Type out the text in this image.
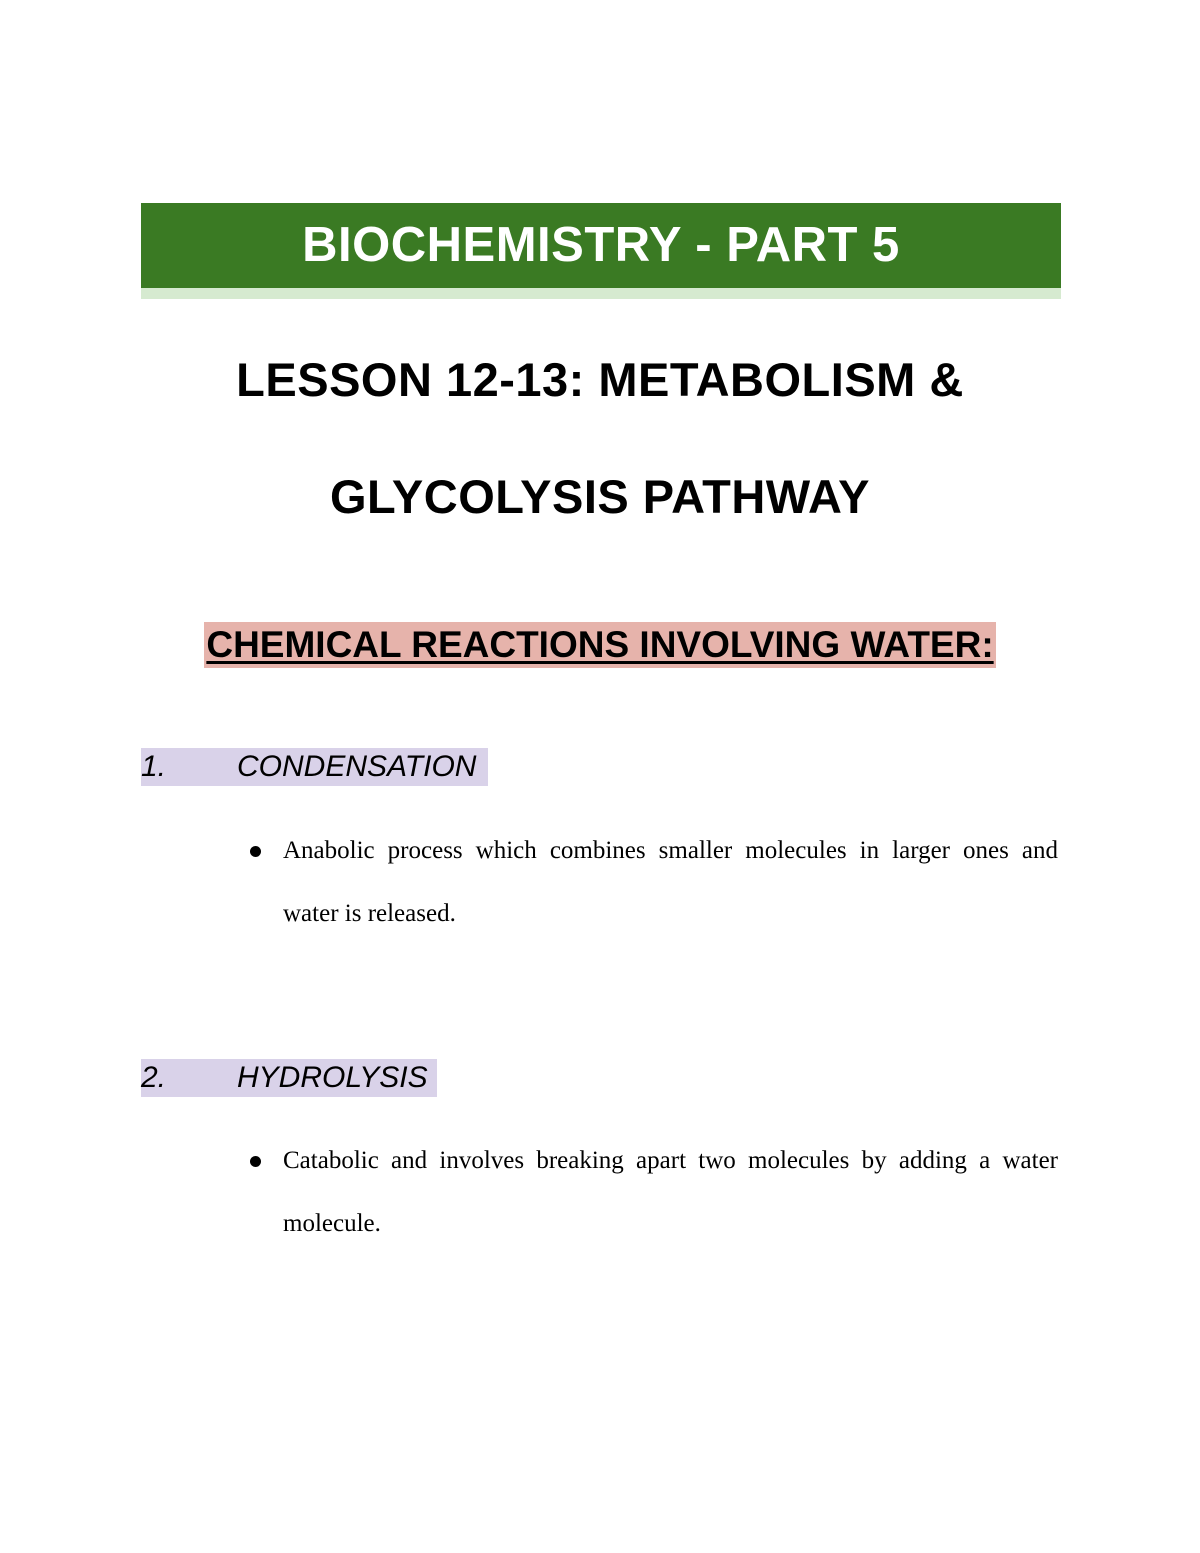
BIOCHEMISTRY - PART 5
LESSON 12-13: METABOLISM &
GLYCOLYSIS PATHWAY
CHEMICAL REACTIONS INVOLVING WATER:
1. CONDENSATION
Anabolic process which combines smaller molecules in larger ones and water is released.
2. HYDROLYSIS
Catabolic and involves breaking apart two molecules by adding a water molecule.
